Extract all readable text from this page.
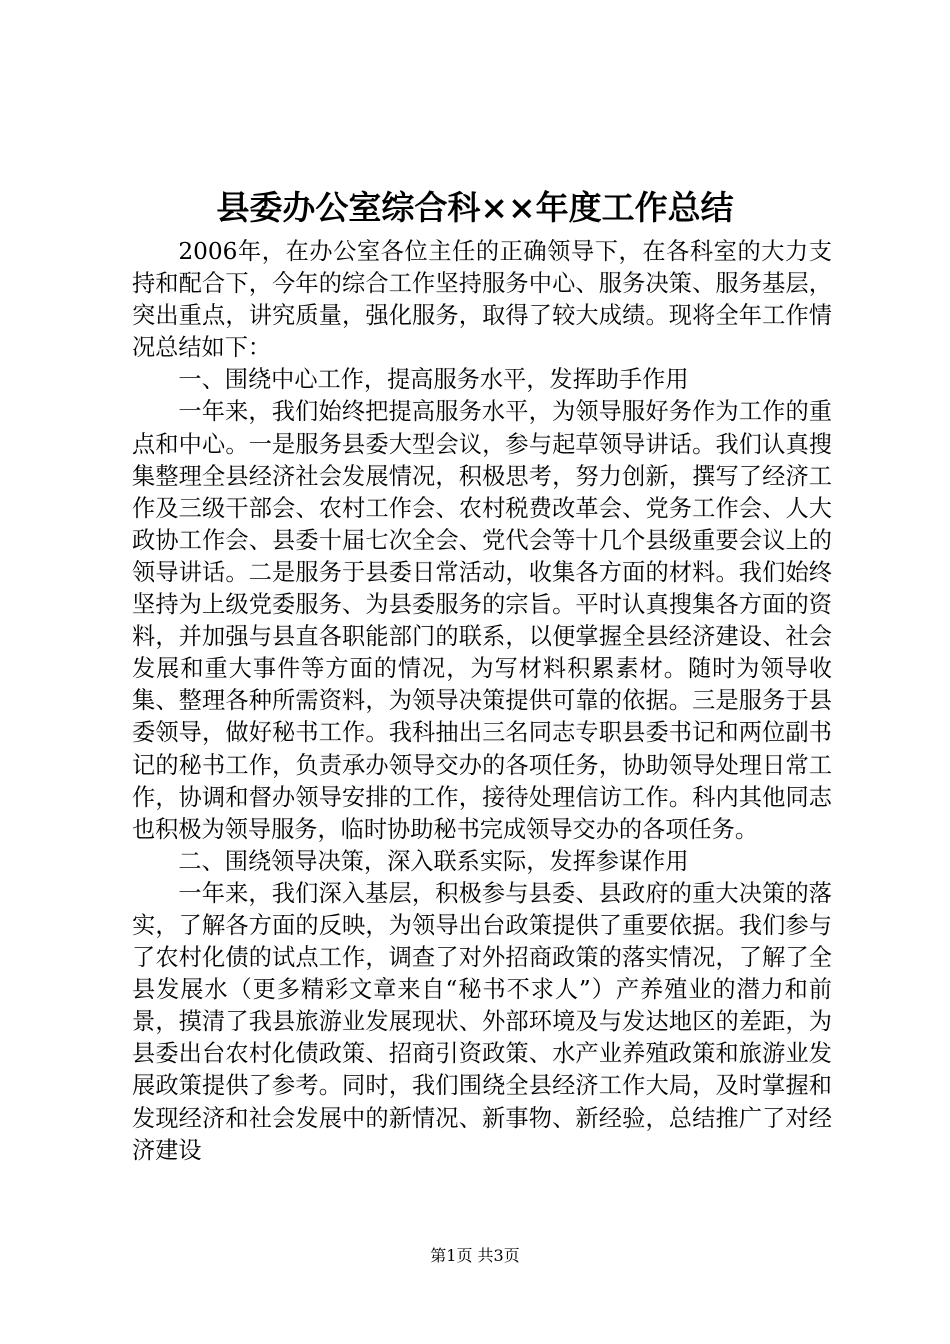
县委办公室综合科××年度工作总结

2006年，在办公室各位主任的正确领导下，在各科室的大力支持和配合下，今年的综合工作坚持服务中心、服务决策、服务基层，突出重点，讲究质量，强化服务，取得了较大成绩。现将全年工作情况总结如下：

一、围绕中心工作，提高服务水平，发挥助手作用

一年来，我们始终把提高服务水平，为领导服好务作为工作的重点和中心。一是服务县委大型会议，参与起草领导讲话。我们认真搜集整理全县经济社会发展情况，积极思考，努力创新，撰写了经济工作及三级干部会、农村工作会、农村税费改革会、党务工作会、人大政协工作会、县委十届七次全会、党代会等十几个县级重要会议上的领导讲话。二是服务于县委日常活动，收集各方面的材料。我们始终坚持为上级党委服务、为县委服务的宗旨。平时认真搜集各方面的资料，并加强与县直各职能部门的联系，以便掌握全县经济建设、社会发展和重大事件等方面的情况，为写材料积累素材。随时为领导收集、整理各种所需资料，为领导决策提供可靠的依据。三是服务于县委领导，做好秘书工作。我科抽出三名同志专职县委书记和两位副书记的秘书工作，负责承办领导交办的各项任务，协助领导处理日常工作，协调和督办领导安排的工作，接待处理信访工作。科内其他同志也积极为领导服务，临时协助秘书完成领导交办的各项任务。

二、围绕领导决策，深入联系实际，发挥参谋作用

一年来，我们深入基层，积极参与县委、县政府的重大决策的落实，了解各方面的反映，为领导出台政策提供了重要依据。我们参与了农村化债的试点工作，调查了对外招商政策的落实情况，了解了全县发展水（更多精彩文章来自“秘书不求人”）产养殖业的潜力和前景，摸清了我县旅游业发展现状、外部环境及与发达地区的差距，为县委出台农村化债政策、招商引资政策、水产业养殖政策和旅游业发展政策提供了参考。同时，我们围绕全县经济工作大局，及时掌握和发现经济和社会发展中的新情况、新事物、新经验，总结推广了对经济建设

第1页 共3页
